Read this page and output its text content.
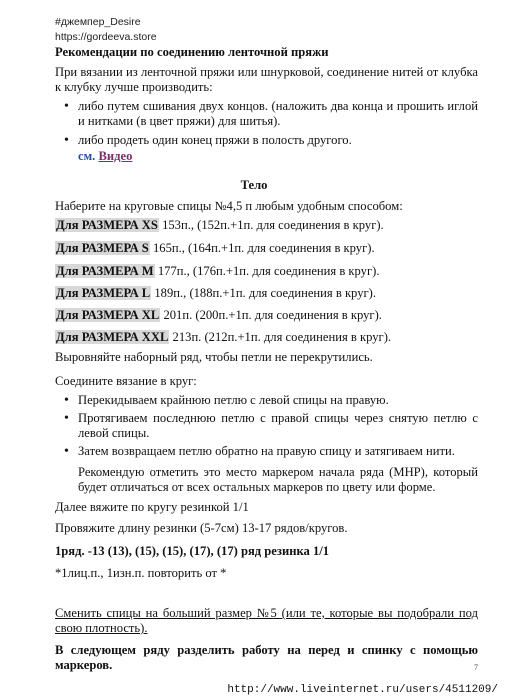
#джемпер_Desire
https://gordeeva.store
Рекомендации по соединению ленточной пряжи
При вязании из ленточной пряжи или шнурковой, соединение нитей от клубка к клубку лучше производить:
• либо путем сшивания двух концов. (наложить два конца и прошить иглой и нитками (в цвет пряжи) для шитья).
• либо продеть один конец пряжи в полость другого.
см. Видео
Тело
Наберите на круговые спицы №4,5 п любым удобным способом:
Для РАЗМЕРА XS 153п., (152п.+1п. для соединения в круг).
Для РАЗМЕРА S 165п., (164п.+1п. для соединения в круг).
Для РАЗМЕРА M 177п., (176п.+1п. для соединения в круг).
Для РАЗМЕРА L 189п., (188п.+1п. для соединения в круг).
Для РАЗМЕРА XL 201п. (200п.+1п. для соединения в круг).
Для РАЗМЕРА XXL 213п. (212п.+1п. для соединения в круг).
Выровняйте наборный ряд, чтобы петли не перекрутились.
Соедините вязание в круг:
• Перекидываем крайнюю петлю с левой спицы на правую.
• Протягиваем последнюю петлю с правой спицы через снятую петлю с левой спицы.
• Затем возвращаем петлю обратно на правую спицу и затягиваем нити.
Рекомендую отметить это место маркером начала ряда (МНР), который будет отличаться от всех остальных маркеров по цвету или форме.
Далее вяжите по кругу резинкой 1/1
Провяжите длину резинки (5-7см) 13-17 рядов/кругов.
1ряд. -13 (13), (15), (15), (17), (17) ряд резинка 1/1
*1лиц.п., 1изн.п. повторить от *
Сменить спицы на больший размер №5 (или те, которые вы подобрали под свою плотность).
В следующем ряду разделить работу на перед и спинку с помощью маркеров.	7
http://www.liveinternet.ru/users/4511209/
